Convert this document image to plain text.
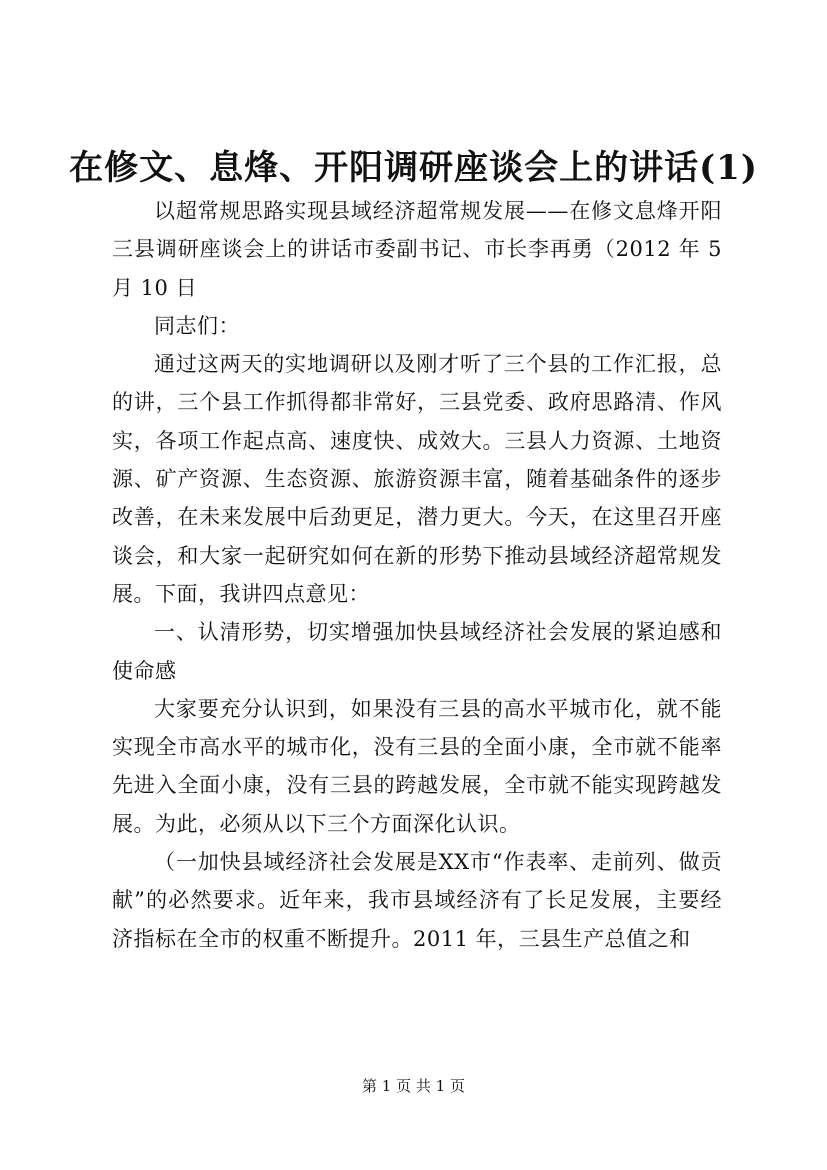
在修文、息烽、开阳调研座谈会上的讲话(1)

以超常规思路实现县域经济超常规发展——在修文息烽开阳三县调研座谈会上的讲话市委副书记、市长李再勇（2012 年 5 月 10 日

同志们：

通过这两天的实地调研以及刚才听了三个县的工作汇报，总的讲，三个县工作抓得都非常好，三县党委、政府思路清、作风实，各项工作起点高、速度快、成效大。三县人力资源、土地资源、矿产资源、生态资源、旅游资源丰富，随着基础条件的逐步改善，在未来发展中后劲更足，潜力更大。今天，在这里召开座谈会，和大家一起研究如何在新的形势下推动县域经济超常规发展。下面，我讲四点意见：

一、认清形势，切实增强加快县域经济社会发展的紧迫感和使命感

大家要充分认识到，如果没有三县的高水平城市化，就不能实现全市高水平的城市化，没有三县的全面小康，全市就不能率先进入全面小康，没有三县的跨越发展，全市就不能实现跨越发展。为此，必须从以下三个方面深化认识。

（一加快县域经济社会发展是XX市“作表率、走前列、做贡献”的必然要求。近年来，我市县域经济有了长足发展，主要经济指标在全市的权重不断提升。2011 年，三县生产总值之和

第 1 页 共 1 页
